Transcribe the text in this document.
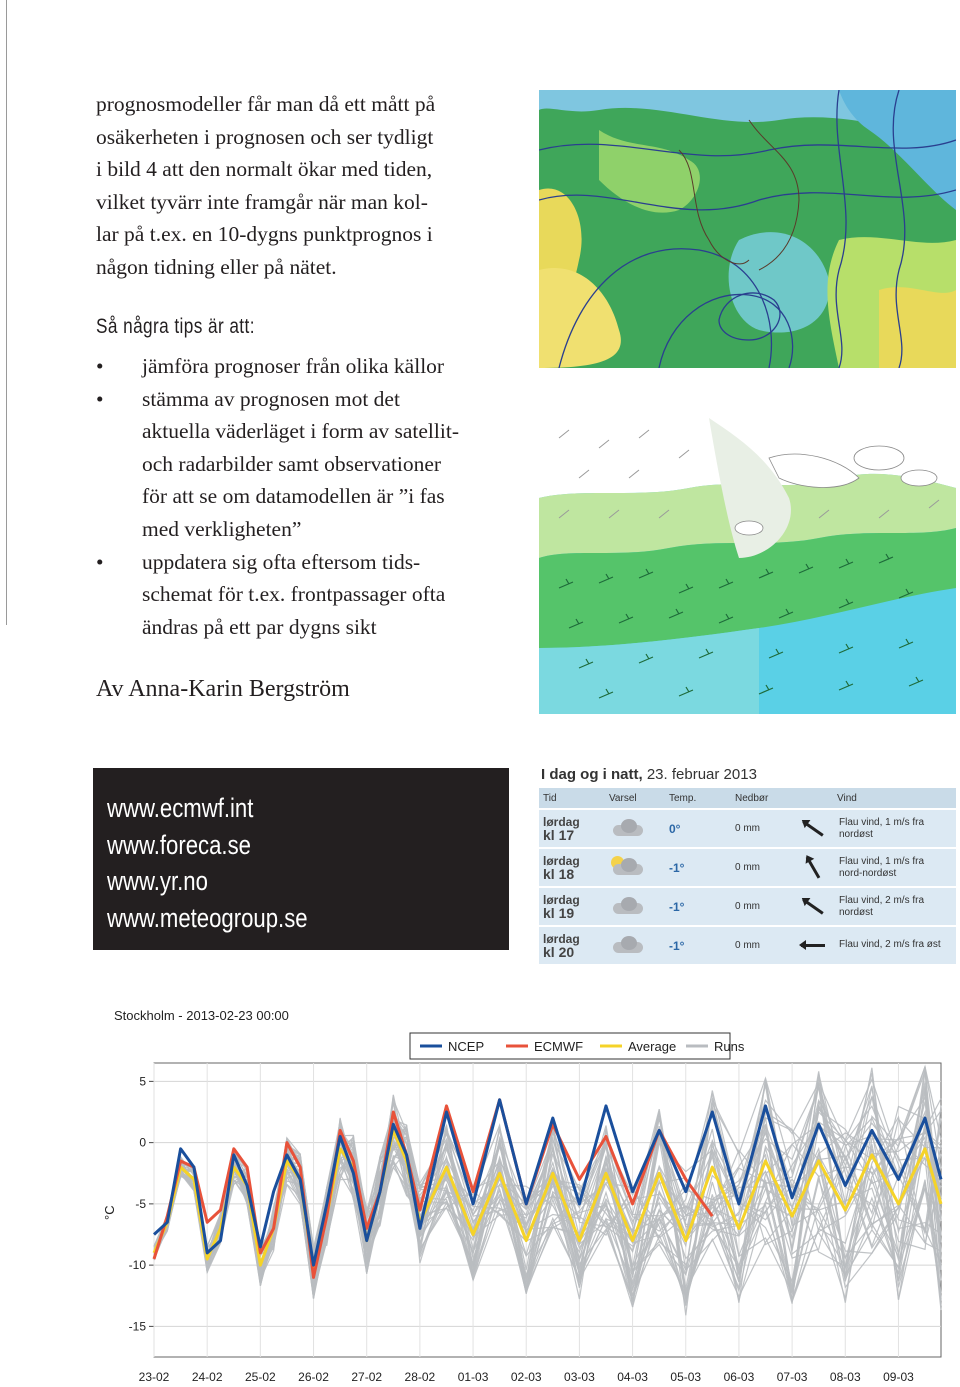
prognosmodeller får man då ett mått på
osäkerheten i prognosen och ser tydligt
i bild 4 att den normalt ökar med tiden,
vilket tyvärr inte framgår när man kol-
lar på t.ex. en 10-dygns punktprognos i
någon tidning eller på nätet.

Så några tips är att:
• jämföra prognoser från olika källor
• stämma av prognosen mot det
aktuella väderläget i form av satellit-
och radarbilder samt observationer
för att se om datamodellen är ”i fas
med verkligheten”
• uppdatera sig ofta eftersom tids-
schemat för t.ex. frontpassager ofta
ändras på ett par dygns sikt

Av Anna-Karin Bergström

www.ecmwf.int
www.foreca.se
www.yr.no
www.meteogroup.se
I dag og i natt, 23. februar 2013
Tid	Varsel	Temp.	Nedbør	Vind
lørdag
kl 17		0°	0 mm	Flau vind, 1 m/s fra nordøst
lørdag
kl 18		-1°	0 mm	Flau vind, 1 m/s fra nord-nordøst
lørdag
kl 19		-1°	0 mm	Flau vind, 2 m/s fra nordøst
lørdag
kl 20		-1°	0 mm	Flau vind, 2 m/s fra øst
Stockholm - 2013-02-23 00:00
NCEP	ECMWF	Average	Runs
°C
5
0
-5
-10
-15
23-02 24-02 25-02 26-02 27-02 28-02 01-03 02-03 03-03 04-03 05-03 06-03 07-03 08-03 09-03
